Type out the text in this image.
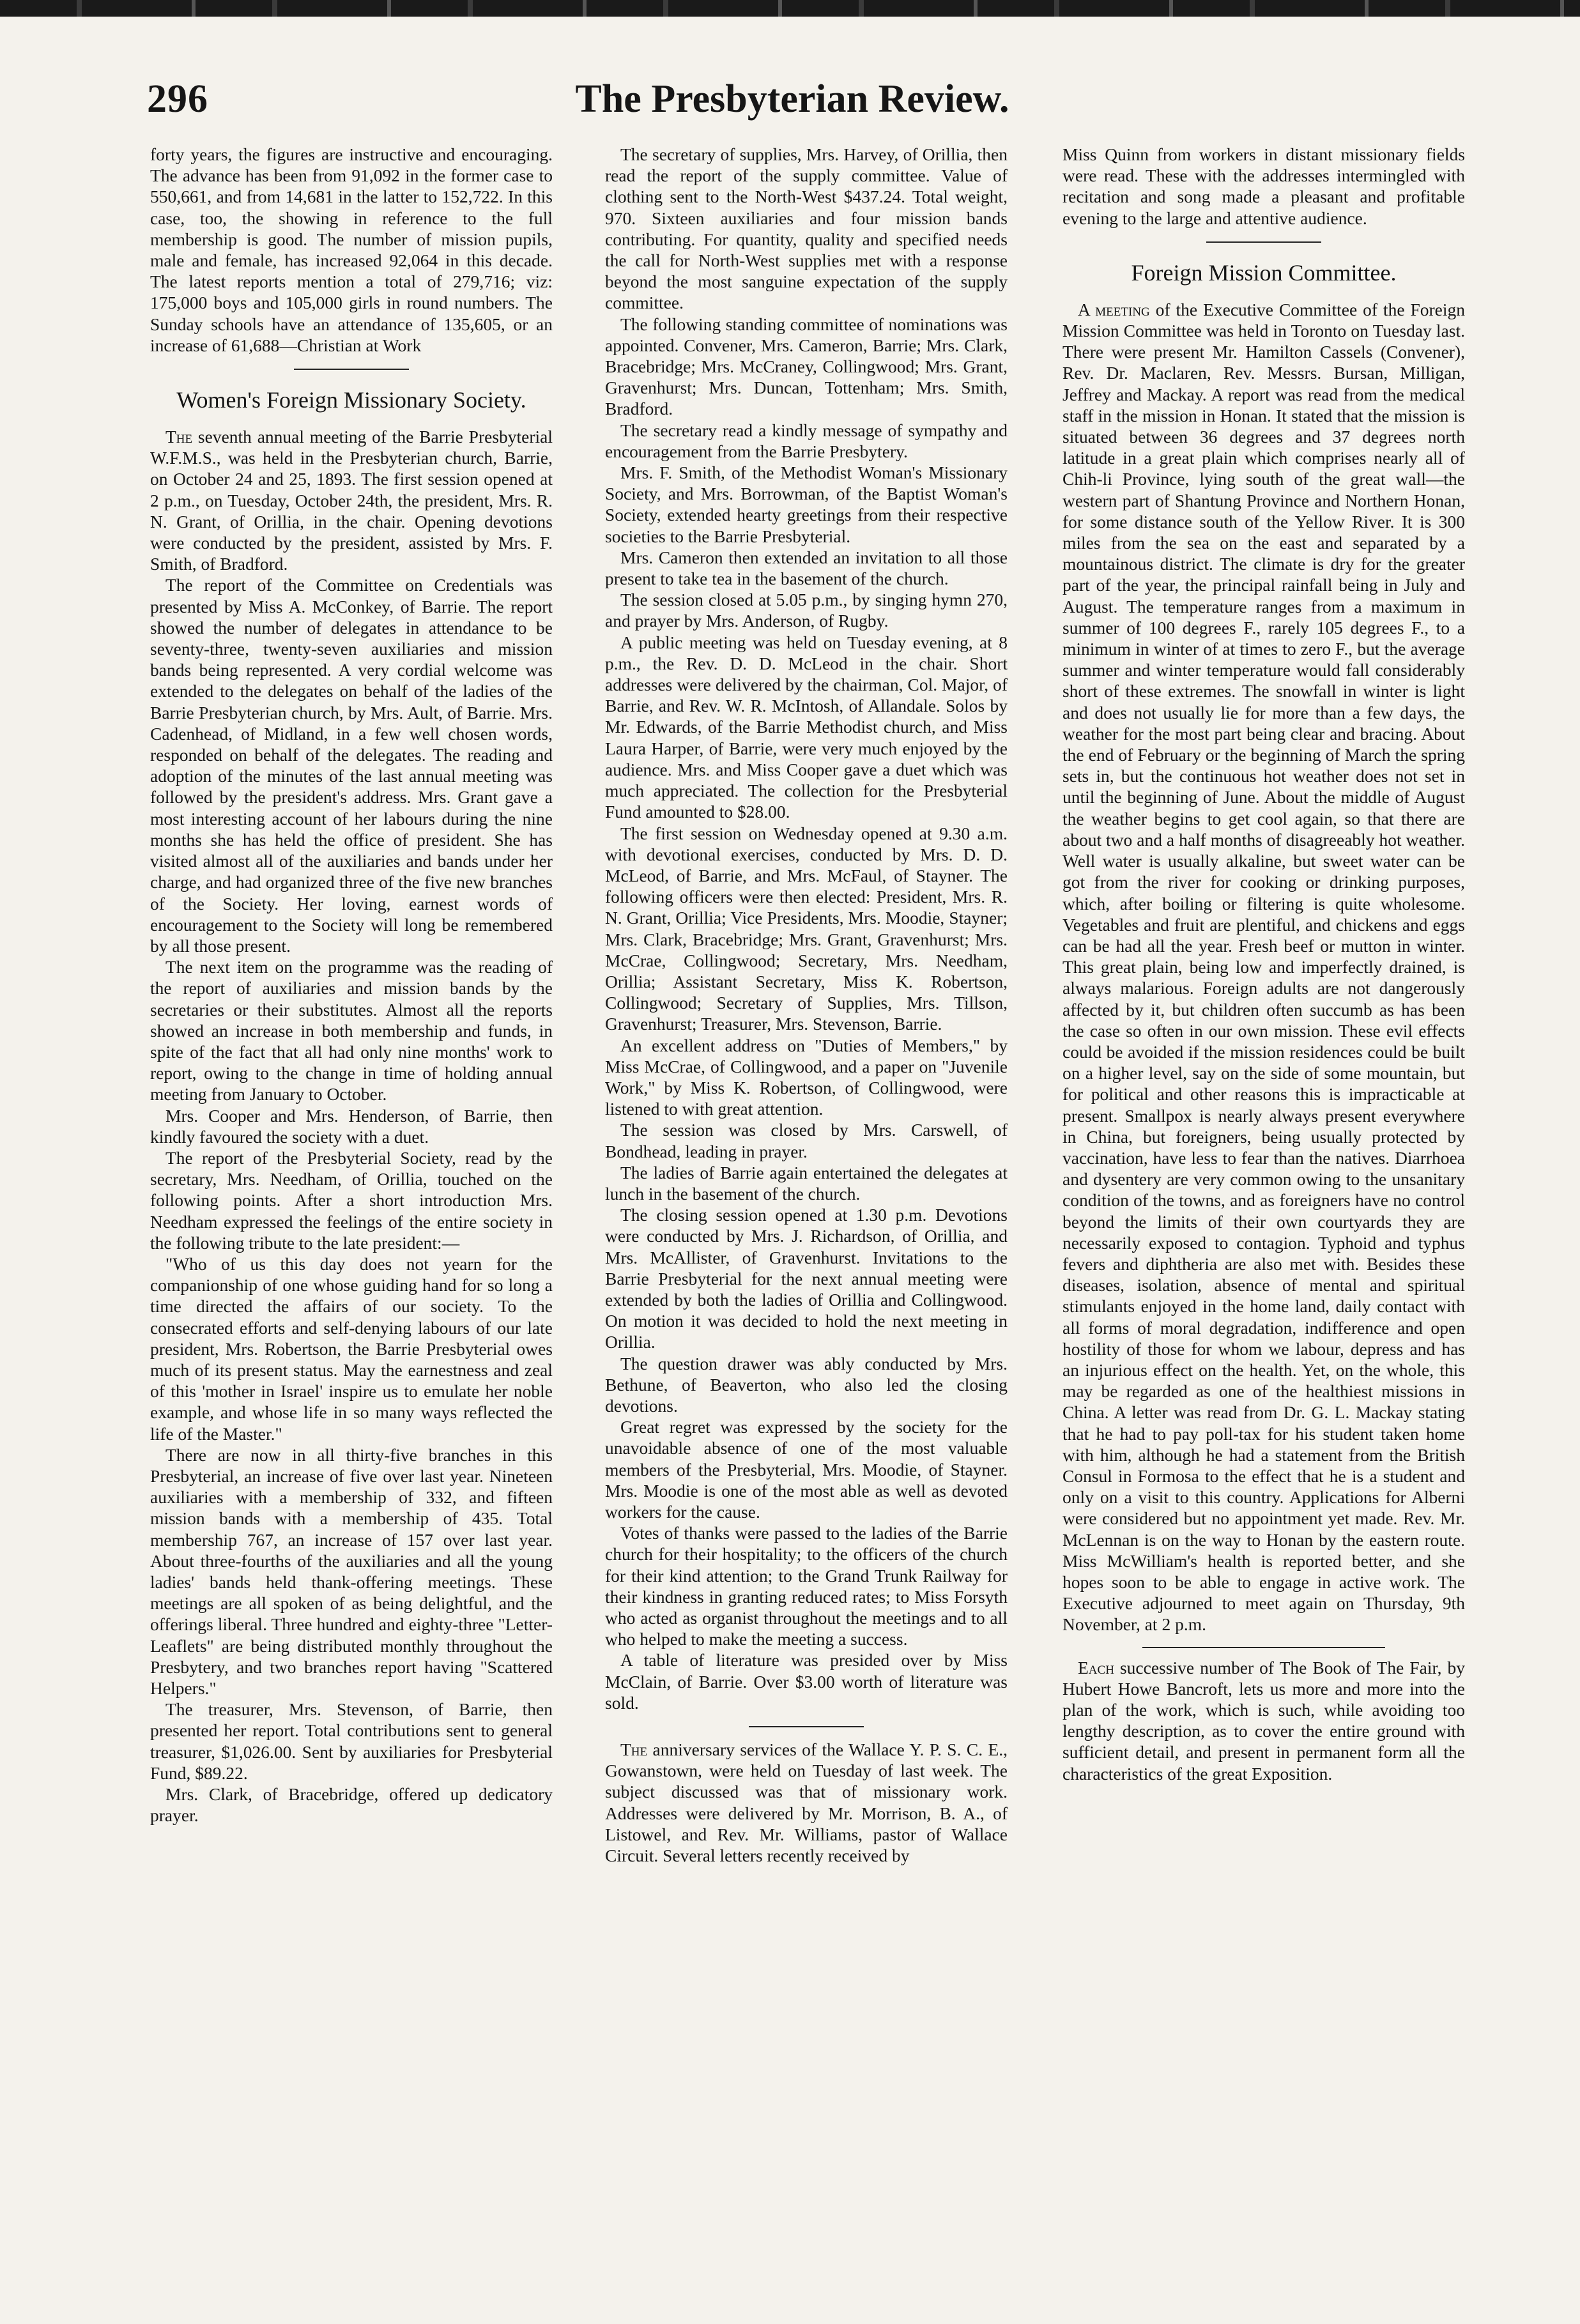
The Presbyterian Review.
296

forty years, the figures are instructive and encouraging. The advance has been from 91,092 in the former case to 550,661, and from 14,681 in the latter to 152,722. In this case, too, the showing in reference to the full membership is good. The number of mission pupils, male and female, has increased 92,064 in this decade. The latest reports mention a total of 279,716; viz: 175,000 boys and 105,000 girls in round numbers. The Sunday schools have an attendance of 135,605, or an increase of 61,688—Christian at Work

Women's Foreign Missionary Society.

The seventh annual meeting of the Barrie Presbyterial W.F.M.S., was held in the Presbyterian church, Barrie, on October 24 and 25, 1893. The first session opened at 2 p.m., on Tuesday, October 24th, the president, Mrs. R. N. Grant, of Orillia, in the chair. Opening devotions were conducted by the president, assisted by Mrs. F. Smith, of Bradford.

The report of the Committee on Credentials was presented by Miss A. McConkey, of Barrie. The report showed the number of delegates in attendance to be seventy-three, twenty-seven auxiliaries and mission bands being represented. A very cordial welcome was extended to the delegates on behalf of the ladies of the Barrie Presbyterian church, by Mrs. Ault, of Barrie. Mrs. Cadenhead, of Midland, in a few well chosen words, responded on behalf of the delegates. The reading and adoption of the minutes of the last annual meeting was followed by the president's address. Mrs. Grant gave a most interesting account of her labours during the nine months she has held the office of president. She has visited almost all of the auxiliaries and bands under her charge, and had organized three of the five new branches of the Society. Her loving, earnest words of encouragement to the Society will long be remembered by all those present.

The next item on the programme was the reading of the report of auxiliaries and mission bands by the secretaries or their substitutes. Almost all the reports showed an increase in both membership and funds, in spite of the fact that all had only nine months' work to report, owing to the change in time of holding annual meeting from January to October.

Mrs. Cooper and Mrs. Henderson, of Barrie, then kindly favoured the society with a duet.

The report of the Presbyterial Society, read by the secretary, Mrs. Needham, of Orillia, touched on the following points. After a short introduction Mrs. Needham expressed the feelings of the entire society in the following tribute to the late president:—

"Who of us this day does not yearn for the companionship of one whose guiding hand for so long a time directed the affairs of our society. To the consecrated efforts and self-denying labours of our late president, Mrs. Robertson, the Barrie Presbyterial owes much of its present status. May the earnestness and zeal of this 'mother in Israel' inspire us to emulate her noble example, and whose life in so many ways reflected the life of the Master."

There are now in all thirty-five branches in this Presbyterial, an increase of five over last year. Nineteen auxiliaries with a membership of 332, and fifteen mission bands with a membership of 435. Total membership 767, an increase of 157 over last year. About three-fourths of the auxiliaries and all the young ladies' bands held thank-offering meetings. These meetings are all spoken of as being delightful, and the offerings liberal. Three hundred and eighty-three "Letter-Leaflets" are being distributed monthly throughout the Presbytery, and two branches report having "Scattered Helpers."

The treasurer, Mrs. Stevenson, of Barrie, then presented her report. Total contributions sent to general treasurer, $1,026.00. Sent by auxiliaries for Presbyterial Fund, $89.22.

Mrs. Clark, of Bracebridge, offered up dedicatory prayer.

The secretary of supplies, Mrs. Harvey, of Orillia, then read the report of the supply committee. Value of clothing sent to the North-West $437.24. Total weight, 970. Sixteen auxiliaries and four mission bands contributing. For quantity, quality and specified needs the call for North-West supplies met with a response beyond the most sanguine expectation of the supply committee.

The following standing committee of nominations was appointed. Convener, Mrs. Cameron, Barrie; Mrs. Clark, Bracebridge; Mrs. McCraney, Collingwood; Mrs. Grant, Gravenhurst; Mrs. Duncan, Tottenham; Mrs. Smith, Bradford.

The secretary read a kindly message of sympathy and encouragement from the Barrie Presbytery.

Mrs. F. Smith, of the Methodist Woman's Missionary Society, and Mrs. Borrowman, of the Baptist Woman's Society, extended hearty greetings from their respective societies to the Barrie Presbyterial.

Mrs. Cameron then extended an invitation to all those present to take tea in the basement of the church.

The session closed at 5.05 p.m., by singing hymn 270, and prayer by Mrs. Anderson, of Rugby.

A public meeting was held on Tuesday evening, at 8 p.m., the Rev. D. D. McLeod in the chair. Short addresses were delivered by the chairman, Col. Major, of Barrie, and Rev. W. R. McIntosh, of Allandale. Solos by Mr. Edwards, of the Barrie Methodist church, and Miss Laura Harper, of Barrie, were very much enjoyed by the audience. Mrs. and Miss Cooper gave a duet which was much appreciated. The collection for the Presbyterial Fund amounted to $28.00.

The first session on Wednesday opened at 9.30 a.m. with devotional exercises, conducted by Mrs. D. D. McLeod, of Barrie, and Mrs. McFaul, of Stayner. The following officers were then elected: President, Mrs. R. N. Grant, Orillia; Vice Presidents, Mrs. Moodie, Stayner; Mrs. Clark, Bracebridge; Mrs. Grant, Gravenhurst; Mrs. McCrae, Collingwood; Secretary, Mrs. Needham, Orillia; Assistant Secretary, Miss K. Robertson, Collingwood; Secretary of Supplies, Mrs. Tillson, Gravenhurst; Treasurer, Mrs. Stevenson, Barrie.

An excellent address on "Duties of Members," by Miss McCrae, of Collingwood, and a paper on "Juvenile Work," by Miss K. Robertson, of Collingwood, were listened to with great attention.

The session was closed by Mrs. Carswell, of Bondhead, leading in prayer.

The ladies of Barrie again entertained the delegates at lunch in the basement of the church.

The closing session opened at 1.30 p.m. Devotions were conducted by Mrs. J. Richardson, of Orillia, and Mrs. McAllister, of Gravenhurst. Invitations to the Barrie Presbyterial for the next annual meeting were extended by both the ladies of Orillia and Collingwood. On motion it was decided to hold the next meeting in Orillia.

The question drawer was ably conducted by Mrs. Bethune, of Beaverton, who also led the closing devotions.

Great regret was expressed by the society for the unavoidable absence of one of the most valuable members of the Presbyterial, Mrs. Moodie, of Stayner. Mrs. Moodie is one of the most able as well as devoted workers for the cause.

Votes of thanks were passed to the ladies of the Barrie church for their hospitality; to the officers of the church for their kind attention; to the Grand Trunk Railway for their kindness in granting reduced rates; to Miss Forsyth who acted as organist throughout the meetings and to all who helped to make the meeting a success.

A table of literature was presided over by Miss McClain, of Barrie. Over $3.00 worth of literature was sold.

The anniversary services of the Wallace Y. P. S. C. E., Gowanstown, were held on Tuesday of last week. The subject discussed was that of missionary work. Addresses were delivered by Mr. Morrison, B. A., of Listowel, and Rev. Mr. Williams, pastor of Wallace Circuit. Several letters recently received by

Miss Quinn from workers in distant missionary fields were read. These with the addresses intermingled with recitation and song made a pleasant and profitable evening to the large and attentive audience.

Foreign Mission Committee.

A meeting of the Executive Committee of the Foreign Mission Committee was held in Toronto on Tuesday last. There were present Mr. Hamilton Cassels (Convener), Rev. Dr. Maclaren, Rev. Messrs. Bursan, Milligan, Jeffrey and Mackay. A report was read from the medical staff in the mission in Honan. It stated that the mission is situated between 36 degrees and 37 degrees north latitude in a great plain which comprises nearly all of Chih-li Province, lying south of the great wall—the western part of Shantung Province and Northern Honan, for some distance south of the Yellow River. It is 300 miles from the sea on the east and separated by a mountainous district. The climate is dry for the greater part of the year, the principal rainfall being in July and August. The temperature ranges from a maximum in summer of 100 degrees F., rarely 105 degrees F., to a minimum in winter of at times to zero F., but the average summer and winter temperature would fall considerably short of these extremes. The snowfall in winter is light and does not usually lie for more than a few days, the weather for the most part being clear and bracing. About the end of February or the beginning of March the spring sets in, but the continuous hot weather does not set in until the beginning of June. About the middle of August the weather begins to get cool again, so that there are about two and a half months of disagreeably hot weather. Well water is usually alkaline, but sweet water can be got from the river for cooking or drinking purposes, which, after boiling or filtering is quite wholesome. Vegetables and fruit are plentiful, and chickens and eggs can be had all the year. Fresh beef or mutton in winter. This great plain, being low and imperfectly drained, is always malarious. Foreign adults are not dangerously affected by it, but children often succumb as has been the case so often in our own mission. These evil effects could be avoided if the mission residences could be built on a higher level, say on the side of some mountain, but for political and other reasons this is impracticable at present. Smallpox is nearly always present everywhere in China, but foreigners, being usually protected by vaccination, have less to fear than the natives. Diarrhoea and dysentery are very common owing to the unsanitary condition of the towns, and as foreigners have no control beyond the limits of their own courtyards they are necessarily exposed to contagion. Typhoid and typhus fevers and diphtheria are also met with. Besides these diseases, isolation, absence of mental and spiritual stimulants enjoyed in the home land, daily contact with all forms of moral degradation, indifference and open hostility of those for whom we labour, depress and has an injurious effect on the health. Yet, on the whole, this may be regarded as one of the healthiest missions in China. A letter was read from Dr. G. L. Mackay stating that he had to pay poll-tax for his student taken home with him, although he had a statement from the British Consul in Formosa to the effect that he is a student and only on a visit to this country. Applications for Alberni were considered but no appointment yet made. Rev. Mr. McLennan is on the way to Honan by the eastern route. Miss McWilliam's health is reported better, and she hopes soon to be able to engage in active work. The Executive adjourned to meet again on Thursday, 9th November, at 2 p.m.

Each successive number of The Book of The Fair, by Hubert Howe Bancroft, lets us more and more into the plan of the work, which is such, while avoiding too lengthy description, as to cover the entire ground with sufficient detail, and present in permanent form all the characteristics of the great Exposition.
